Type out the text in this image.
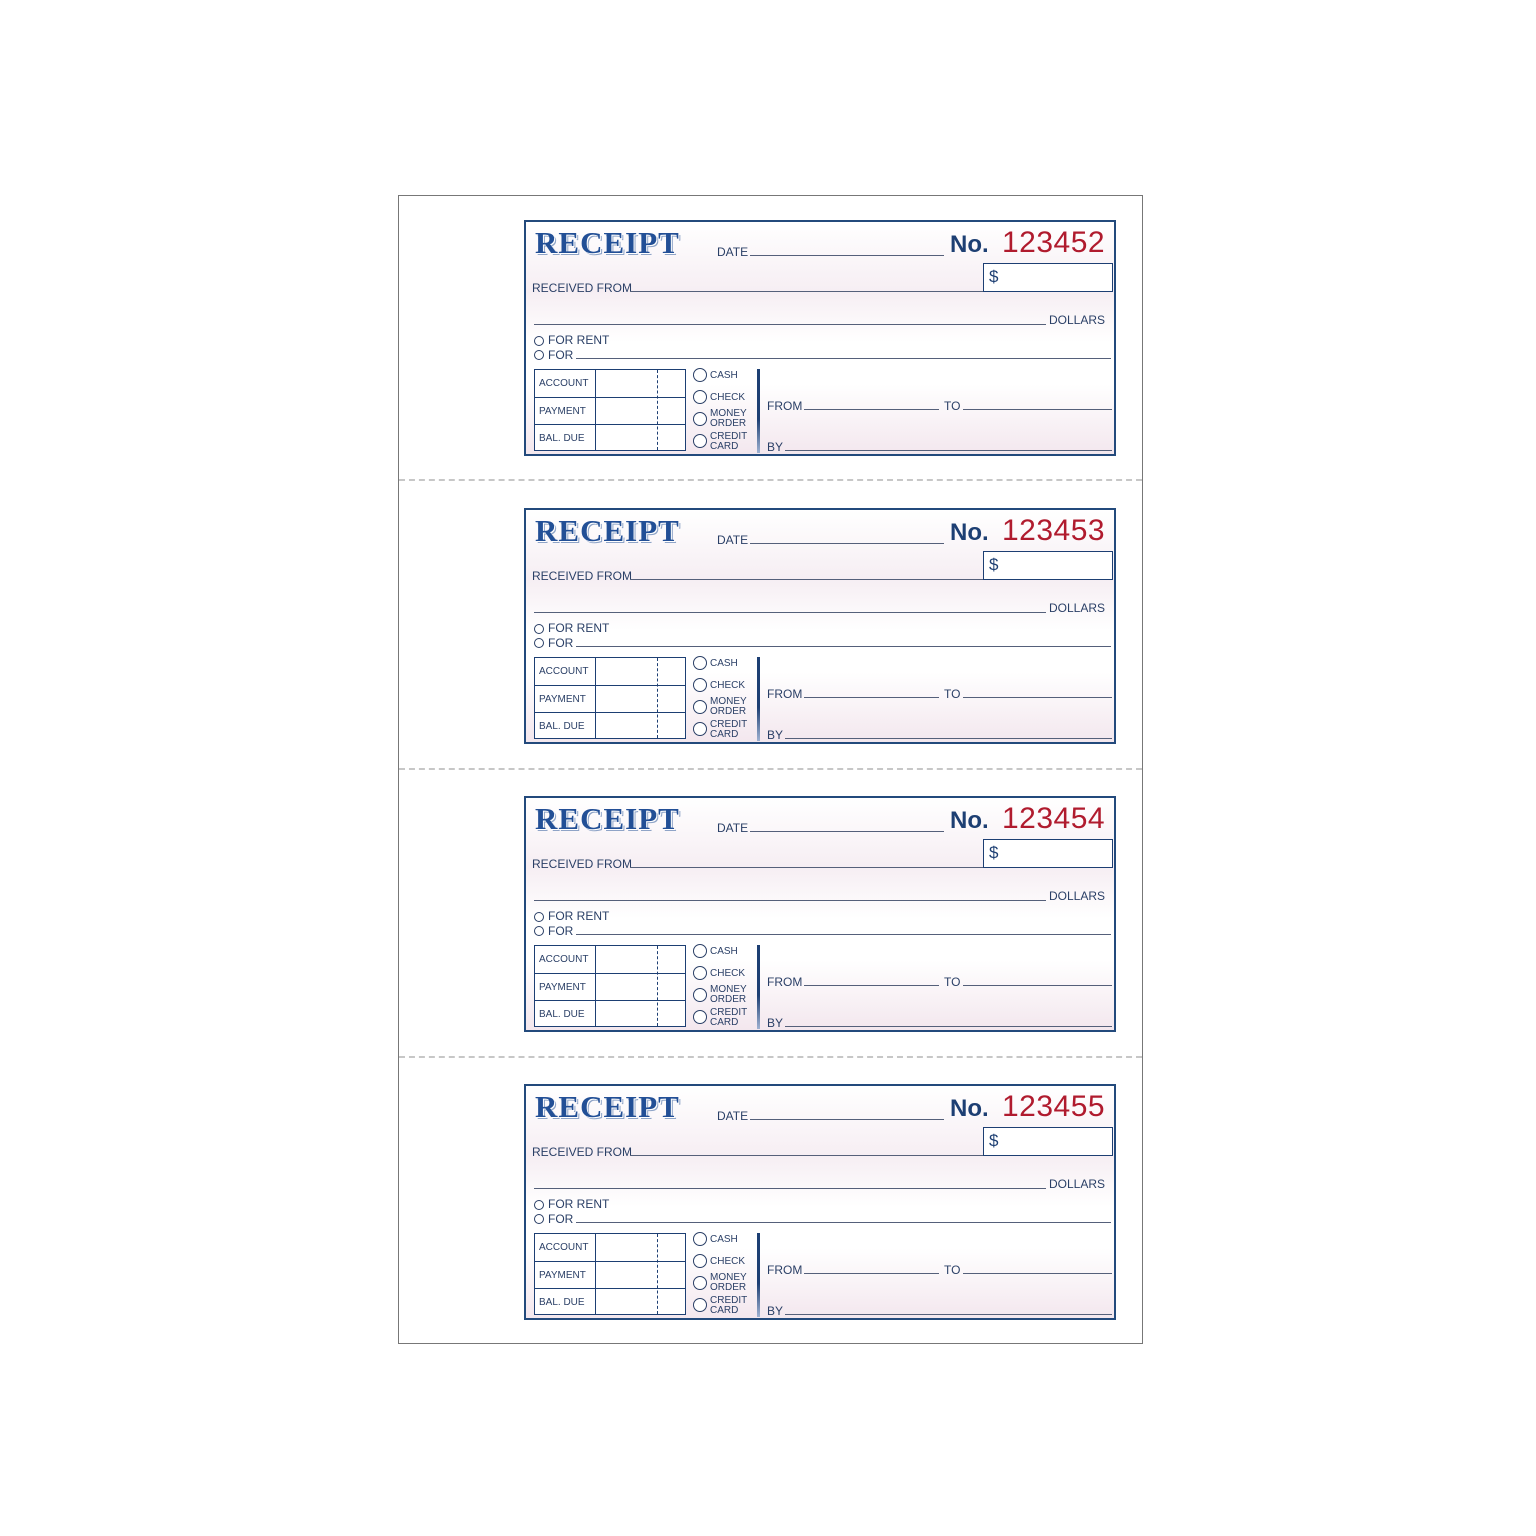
RECEIPT	DATE	No. 123452
$
RECEIVED FROM
DOLLARS
FOR RENT
FOR
ACCOUNT
PAYMENT
BAL. DUE
CASH
CHECK
MONEY
ORDER
CREDIT
CARD
FROM	TO
BY
RECEIPT	DATE	No. 123453
$
RECEIVED FROM
DOLLARS
FOR RENT
FOR
ACCOUNT
PAYMENT
BAL. DUE
CASH
CHECK
MONEY
ORDER
CREDIT
CARD
FROM	TO
BY
RECEIPT	DATE	No. 123454
$
RECEIVED FROM
DOLLARS
FOR RENT
FOR
ACCOUNT
PAYMENT
BAL. DUE
CASH
CHECK
MONEY
ORDER
CREDIT
CARD
FROM	TO
BY
RECEIPT	DATE	No. 123455
$
RECEIVED FROM
DOLLARS
FOR RENT
FOR
ACCOUNT
PAYMENT
BAL. DUE
CASH
CHECK
MONEY
ORDER
CREDIT
CARD
FROM	TO
BY
